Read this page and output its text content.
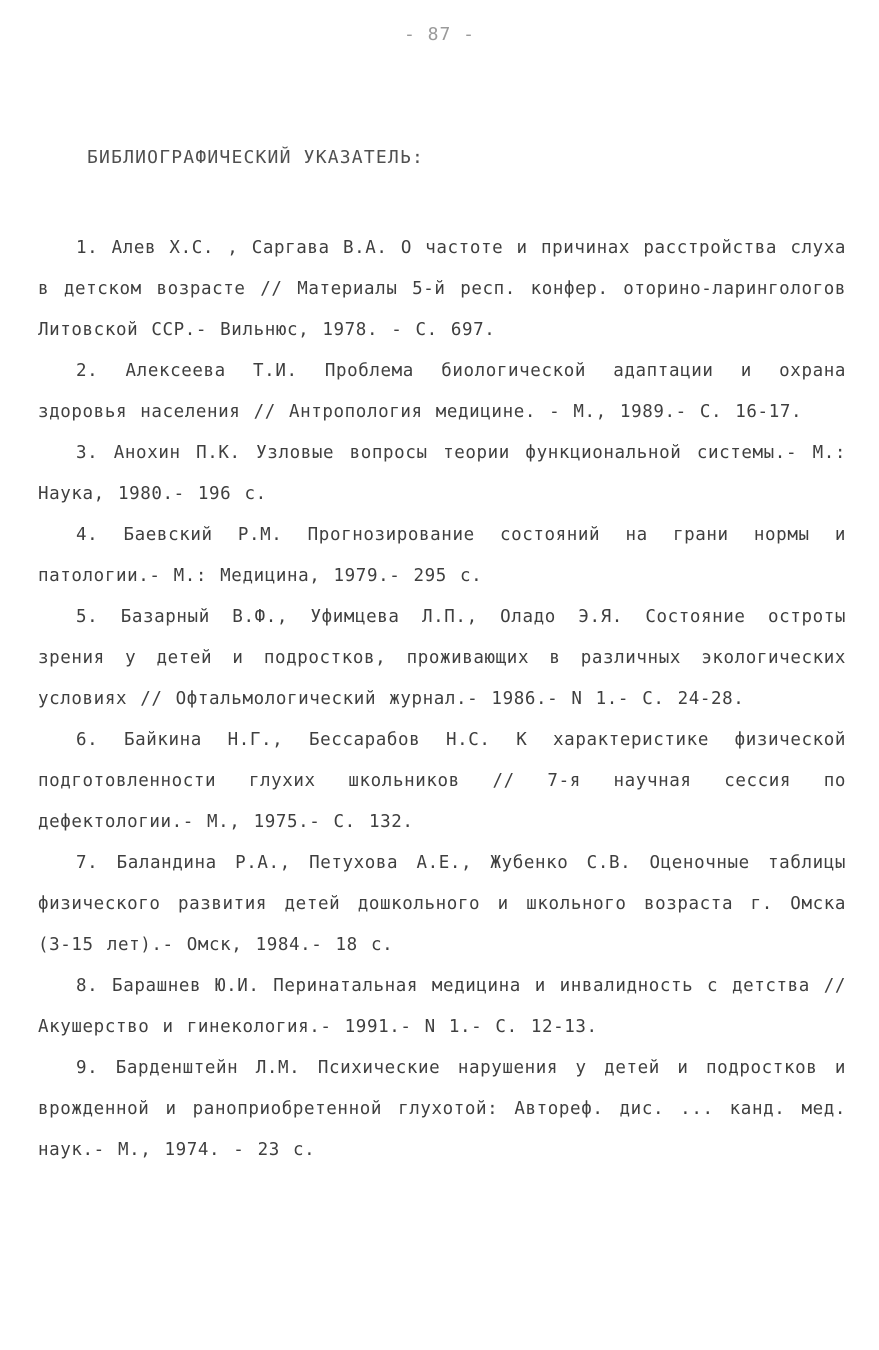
- 87 -
БИБЛИОГРАФИЧЕСКИЙ УКАЗАТЕЛЬ:

1. Алев Х.С. , Саргава В.А. О частоте и причинах расстройства слуха в детском возрасте // Материалы 5-й респ. конфер. оторино-ларингологов Литовской ССР.- Вильнюс, 1978. - С. 697.

2. Алексеева Т.И. Проблема биологической адаптации и охрана здоровья населения // Антропология медицине. - М., 1989.- С. 16-17.

3. Анохин П.К. Узловые вопросы теории функциональной системы.- М.: Наука, 1980.- 196 с.

4. Баевский Р.М. Прогнозирование состояний на грани нормы и патологии.- М.: Медицина, 1979.- 295 с.

5. Базарный В.Ф., Уфимцева Л.П., Оладо Э.Я. Состояние остроты зрения у детей и подростков, проживающих в различных экологических условиях // Офтальмологический журнал.- 1986.- N 1.- С. 24-28.

6. Байкина Н.Г., Бессарабов Н.С. К характеристике физической подготовленности глухих школьников // 7-я научная сессия по дефектологии.- М., 1975.- С. 132.

7. Баландина Р.А., Петухова А.Е., Жубенко С.В. Оценочные таблицы физического развития детей дошкольного и школьного возраста г. Омска (3-15 лет).- Омск, 1984.- 18 с.

8. Барашнев Ю.И. Перинатальная медицина и инвалидность с детства // Акушерство и гинекология.- 1991.- N 1.- С. 12-13.

9. Барденштейн Л.М. Психические нарушения у детей и подростков и врожденной и раноприобретенной глухотой: Автореф. дис. ... канд. мед. наук.- М., 1974. - 23 с.
